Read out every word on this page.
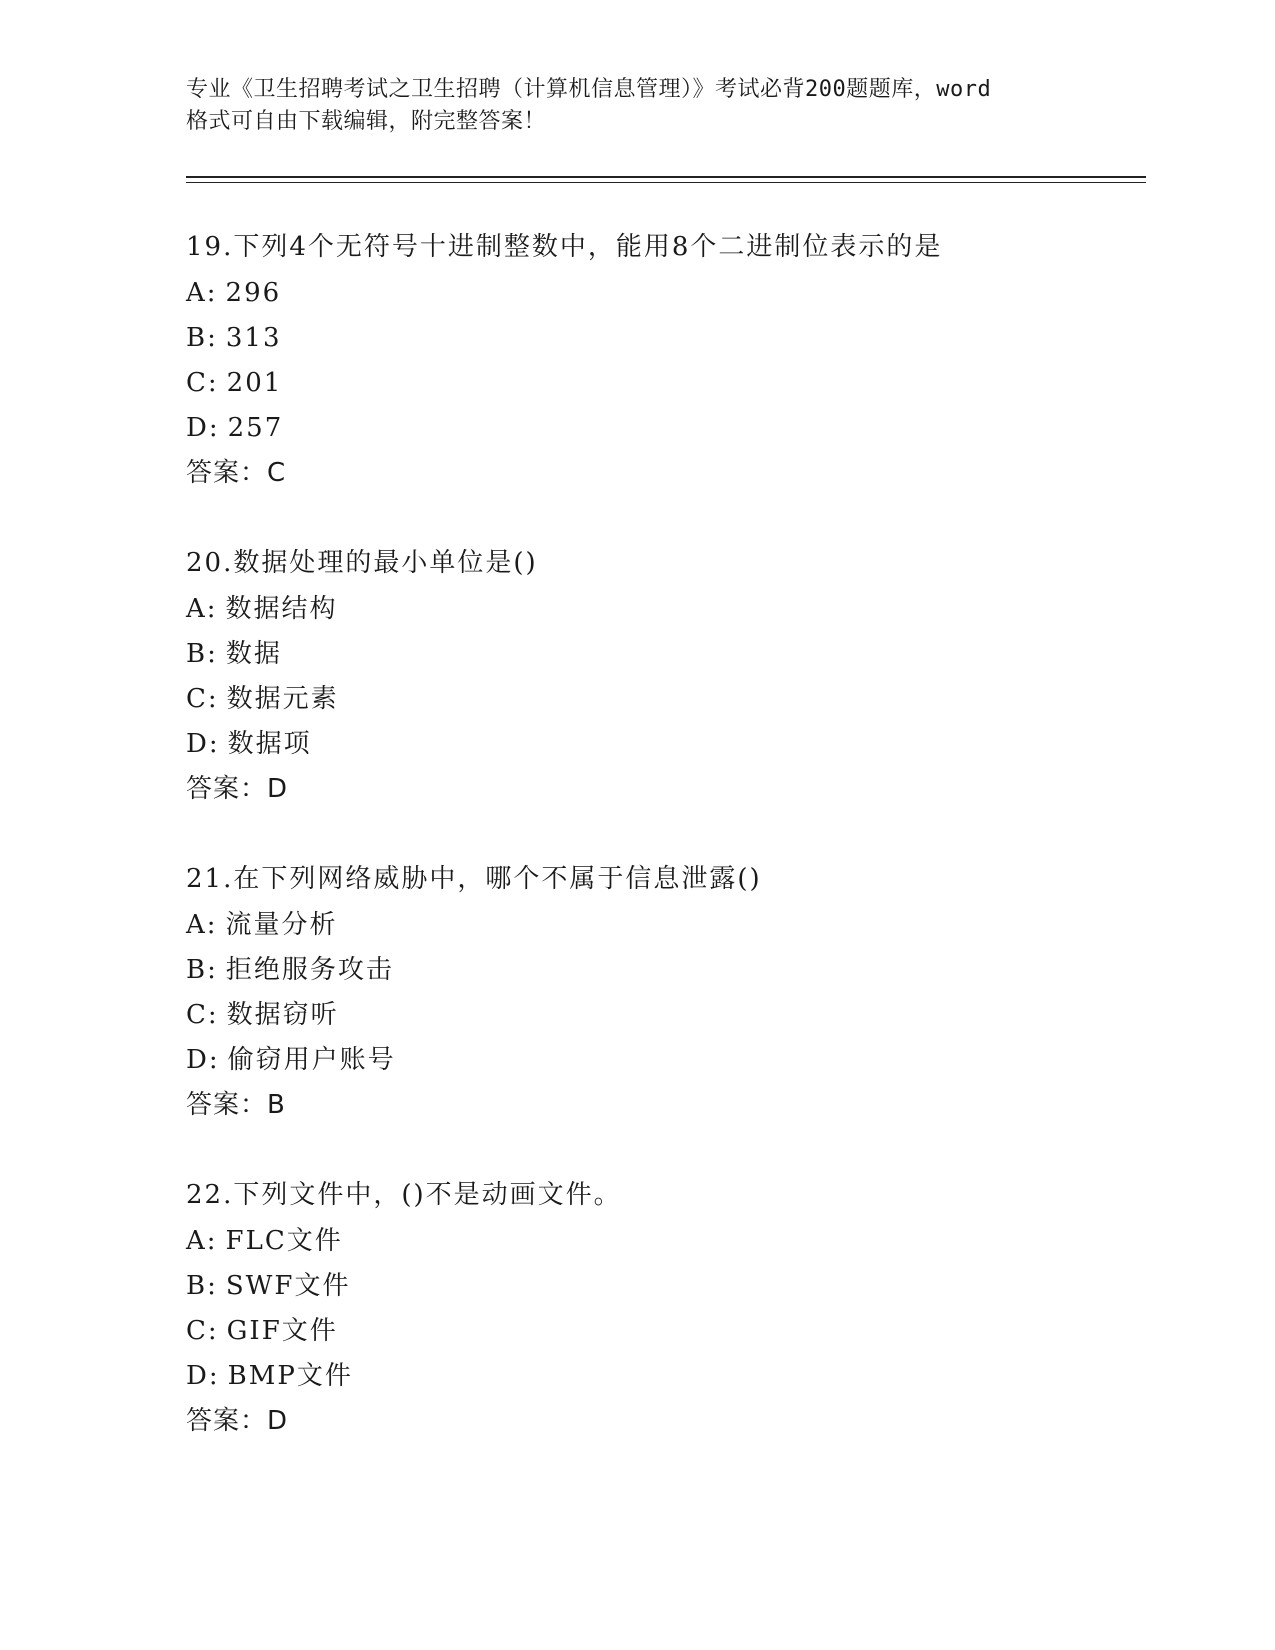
专业《卫生招聘考试之卫生招聘（计算机信息管理）》考试必背200题题库，word
格式可自由下载编辑，附完整答案！
19.下列4个无符号十进制整数中，能用8个二进制位表示的是
A: 296
B: 313
C: 201
D: 257
答案：C
20.数据处理的最小单位是()
A: 数据结构
B: 数据
C: 数据元素
D: 数据项
答案：D
21.在下列网络威胁中，哪个不属于信息泄露()
A: 流量分析
B: 拒绝服务攻击
C: 数据窃听
D: 偷窃用户账号
答案：B
22.下列文件中，()不是动画文件。
A: FLC文件
B: SWF文件
C: GIF文件
D: BMP文件
答案：D
